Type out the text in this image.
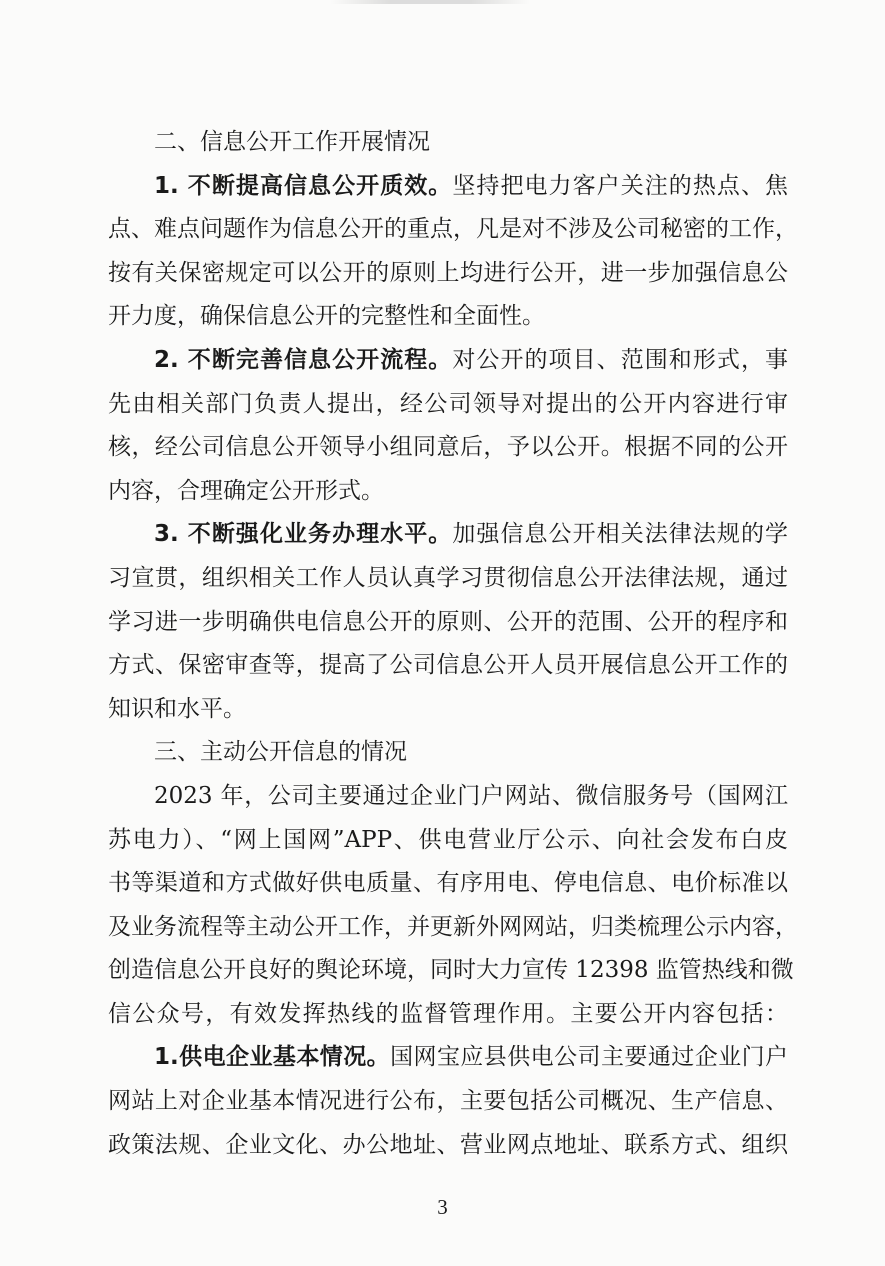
二、信息公开工作开展情况
1. 不断提高信息公开质效。坚持把电力客户关注的热点、焦
点、难点问题作为信息公开的重点，凡是对不涉及公司秘密的工作，
按有关保密规定可以公开的原则上均进行公开，进一步加强信息公
开力度，确保信息公开的完整性和全面性。
2. 不断完善信息公开流程。对公开的项目、范围和形式，事
先由相关部门负责人提出，经公司领导对提出的公开内容进行审
核，经公司信息公开领导小组同意后，予以公开。根据不同的公开
内容，合理确定公开形式。
3. 不断强化业务办理水平。加强信息公开相关法律法规的学
习宣贯，组织相关工作人员认真学习贯彻信息公开法律法规，通过
学习进一步明确供电信息公开的原则、公开的范围、公开的程序和
方式、保密审查等，提高了公司信息公开人员开展信息公开工作的
知识和水平。
三、主动公开信息的情况
2023 年，公司主要通过企业门户网站、微信服务号（国网江
苏电力）、“网上国网”APP、供电营业厅公示、向社会发布白皮
书等渠道和方式做好供电质量、有序用电、停电信息、电价标准以
及业务流程等主动公开工作，并更新外网网站，归类梳理公示内容，
创造信息公开良好的舆论环境，同时大力宣传 12398 监管热线和微
信公众号，有效发挥热线的监督管理作用。主要公开内容包括：
1.供电企业基本情况。国网宝应县供电公司主要通过企业门户
网站上对企业基本情况进行公布，主要包括公司概况、生产信息、
政策法规、企业文化、办公地址、营业网点地址、联系方式、组织
3
